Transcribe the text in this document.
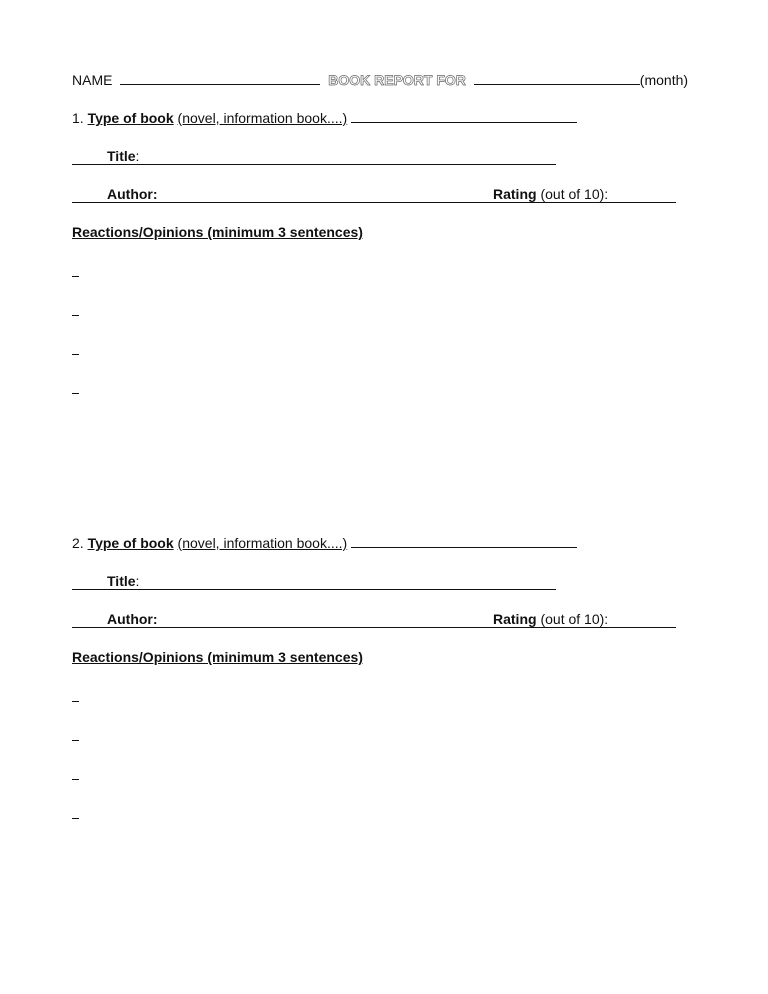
NAME	BOOK REPORT FOR	(month)
1. Type of book (novel, information book....)
Title:
Author:	Rating (out of 10):
Reactions/Opinions (minimum 3 sentences)
2. Type of book (novel, information book....)
Title:
Author:	Rating (out of 10):
Reactions/Opinions (minimum 3 sentences)
